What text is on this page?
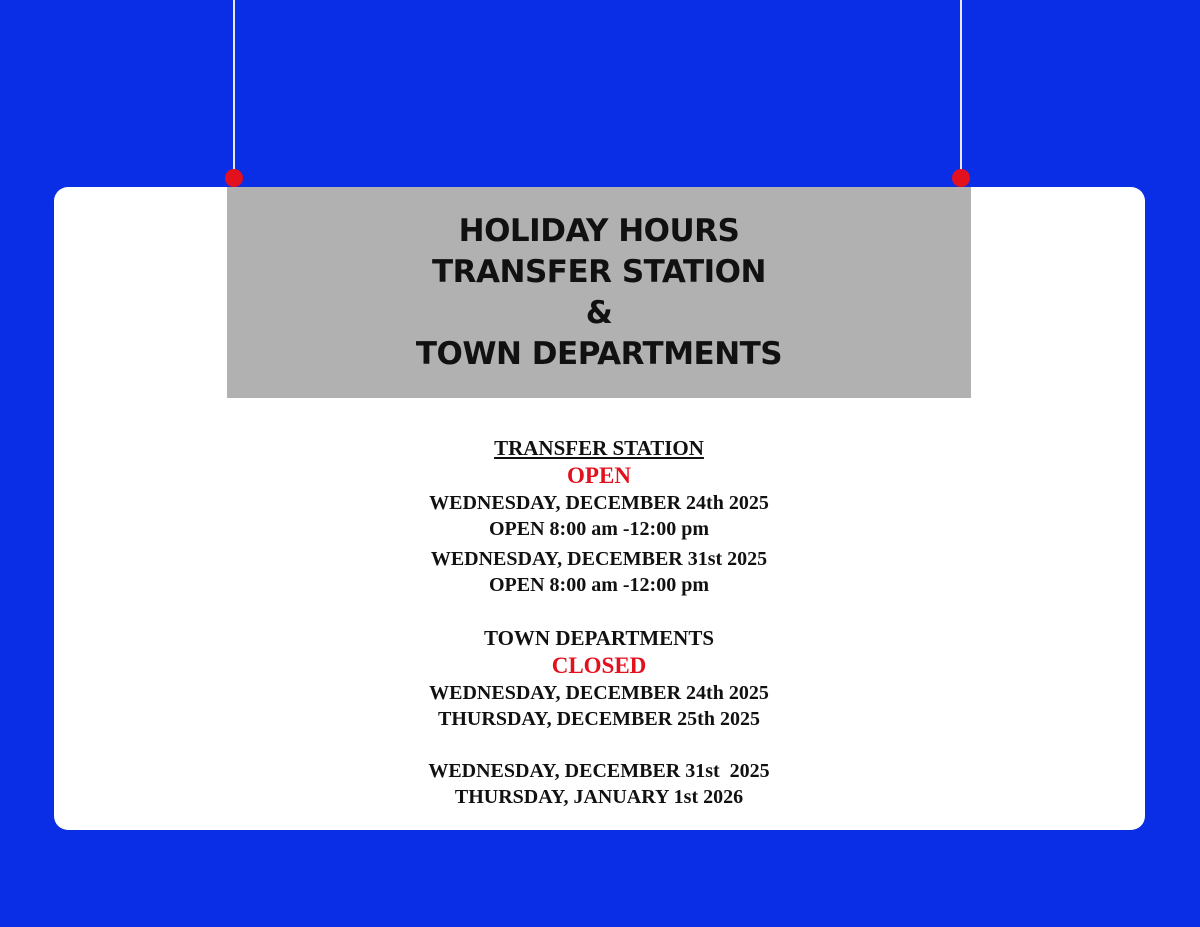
HOLIDAY HOURS
TRANSFER STATION
&
TOWN DEPARTMENTS
TRANSFER STATION
OPEN
WEDNESDAY, DECEMBER 24th 2025
OPEN 8:00 am -12:00 pm
WEDNESDAY, DECEMBER 31st 2025
OPEN 8:00 am -12:00 pm
TOWN DEPARTMENTS
CLOSED
WEDNESDAY, DECEMBER 24th 2025
THURSDAY, DECEMBER 25th 2025
WEDNESDAY, DECEMBER 31st  2025
THURSDAY, JANUARY 1st 2026
